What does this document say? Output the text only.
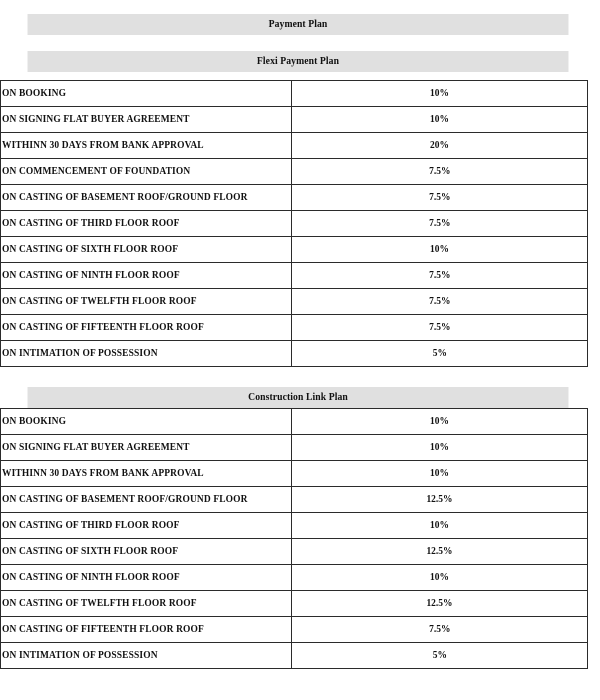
Payment Plan
Flexi Payment Plan
ON BOOKING	10%
ON SIGNING FLAT BUYER AGREEMENT	10%
WITHINN 30 DAYS FROM BANK APPROVAL	20%
ON COMMENCEMENT OF FOUNDATION	7.5%
ON CASTING OF BASEMENT ROOF/GROUND FLOOR	7.5%
ON CASTING OF THIRD FLOOR ROOF	7.5%
ON CASTING OF SIXTH FLOOR ROOF	10%
ON CASTING OF NINTH FLOOR ROOF	7.5%
ON CASTING OF TWELFTH FLOOR ROOF	7.5%
ON CASTING OF FIFTEENTH FLOOR ROOF	7.5%
ON INTIMATION OF POSSESSION	5%
Construction Link Plan
ON BOOKING	10%
ON SIGNING FLAT BUYER AGREEMENT	10%
WITHINN 30 DAYS FROM BANK APPROVAL	10%
ON CASTING OF BASEMENT ROOF/GROUND FLOOR	12.5%
ON CASTING OF THIRD FLOOR ROOF	10%
ON CASTING OF SIXTH FLOOR ROOF	12.5%
ON CASTING OF NINTH FLOOR ROOF	10%
ON CASTING OF TWELFTH FLOOR ROOF	12.5%
ON CASTING OF FIFTEENTH FLOOR ROOF	7.5%
ON INTIMATION OF POSSESSION	5%
